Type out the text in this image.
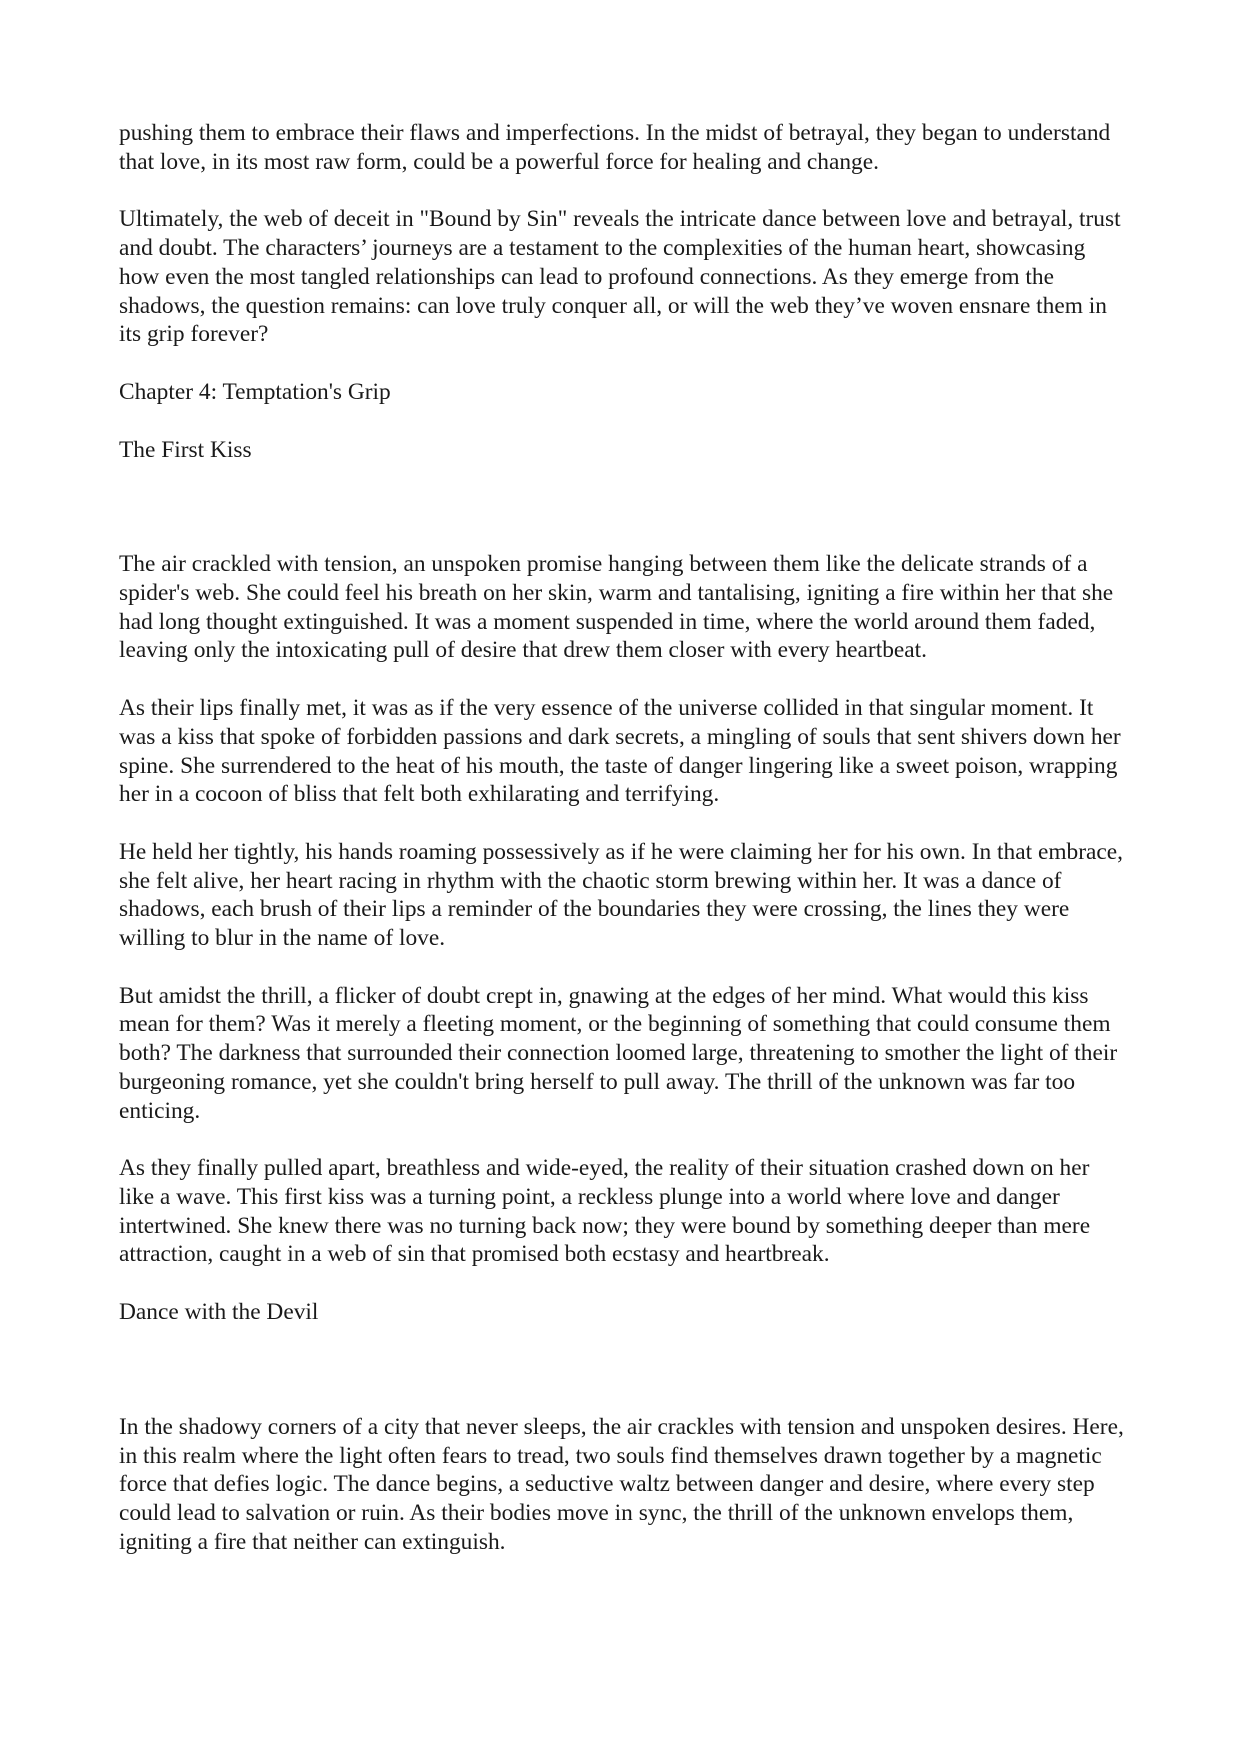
pushing them to embrace their flaws and imperfections. In the midst of betrayal, they began to understand that love, in its most raw form, could be a powerful force for healing and change.

Ultimately, the web of deceit in "Bound by Sin" reveals the intricate dance between love and betrayal, trust and doubt. The characters’ journeys are a testament to the complexities of the human heart, showcasing how even the most tangled relationships can lead to profound connections. As they emerge from the shadows, the question remains: can love truly conquer all, or will the web they’ve woven ensnare them in its grip forever?

Chapter 4: Temptation's Grip

The First Kiss

The air crackled with tension, an unspoken promise hanging between them like the delicate strands of a spider's web. She could feel his breath on her skin, warm and tantalising, igniting a fire within her that she had long thought extinguished. It was a moment suspended in time, where the world around them faded, leaving only the intoxicating pull of desire that drew them closer with every heartbeat.

As their lips finally met, it was as if the very essence of the universe collided in that singular moment. It was a kiss that spoke of forbidden passions and dark secrets, a mingling of souls that sent shivers down her spine. She surrendered to the heat of his mouth, the taste of danger lingering like a sweet poison, wrapping her in a cocoon of bliss that felt both exhilarating and terrifying.

He held her tightly, his hands roaming possessively as if he were claiming her for his own. In that embrace, she felt alive, her heart racing in rhythm with the chaotic storm brewing within her. It was a dance of shadows, each brush of their lips a reminder of the boundaries they were crossing, the lines they were willing to blur in the name of love.

But amidst the thrill, a flicker of doubt crept in, gnawing at the edges of her mind. What would this kiss mean for them? Was it merely a fleeting moment, or the beginning of something that could consume them both? The darkness that surrounded their connection loomed large, threatening to smother the light of their burgeoning romance, yet she couldn't bring herself to pull away. The thrill of the unknown was far too enticing.

As they finally pulled apart, breathless and wide-eyed, the reality of their situation crashed down on her like a wave. This first kiss was a turning point, a reckless plunge into a world where love and danger intertwined. She knew there was no turning back now; they were bound by something deeper than mere attraction, caught in a web of sin that promised both ecstasy and heartbreak.

Dance with the Devil

In the shadowy corners of a city that never sleeps, the air crackles with tension and unspoken desires. Here, in this realm where the light often fears to tread, two souls find themselves drawn together by a magnetic force that defies logic. The dance begins, a seductive waltz between danger and desire, where every step could lead to salvation or ruin. As their bodies move in sync, the thrill of the unknown envelops them, igniting a fire that neither can extinguish.
